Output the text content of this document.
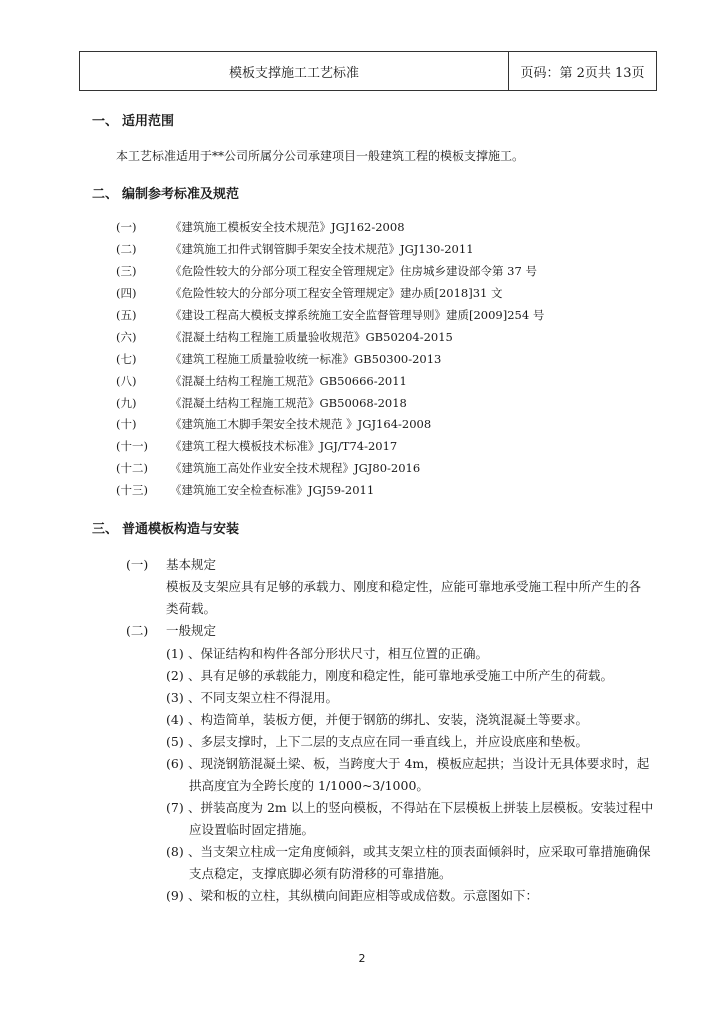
模板支撑施工工艺标准	页码：第 2页共 13页
一、 适用范围
本工艺标准适用于**公司所属分公司承建项目一般建筑工程的模板支撑施工。
二、 编制参考标准及规范
(一)	《建筑施工模板安全技术规范》JGJ162-2008
(二)	《建筑施工扣件式钢管脚手架安全技术规范》JGJ130-2011
(三)	《危险性较大的分部分项工程安全管理规定》住房城乡建设部令第 37 号
(四)	《危险性较大的分部分项工程安全管理规定》建办质[2018]31 文
(五)	《建设工程高大模板支撑系统施工安全监督管理导则》建质[2009]254 号
(六)	《混凝土结构工程施工质量验收规范》GB50204-2015
(七)	《建筑工程施工质量验收统一标准》GB50300-2013
(八)	《混凝土结构工程施工规范》GB50666-2011
(九)	《混凝土结构工程施工规范》GB50068-2018
(十)	《建筑施工木脚手架安全技术规范 》JGJ164-2008
(十一) 《建筑工程大模板技术标准》JGJ/T74-2017
(十二) 《建筑施工高处作业安全技术规程》JGJ80-2016
(十三) 《建筑施工安全检查标准》JGJ59-2011
三、 普通模板构造与安装
(一) 基本规定
模板及支架应具有足够的承载力、刚度和稳定性，应能可靠地承受施工程中所产生的各
类荷载。
(二) 一般规定
(1) 、保证结构和构件各部分形状尺寸，相互位置的正确。
(2) 、具有足够的承载能力，刚度和稳定性，能可靠地承受施工中所产生的荷载。
(3) 、不同支架立柱不得混用。
(4) 、构造简单，装板方便，并便于钢筋的绑扎、安装，浇筑混凝土等要求。
(5) 、多层支撑时，上下二层的支点应在同一垂直线上，并应设底座和垫板。
(6) 、现浇钢筋混凝土梁、板，当跨度大于 4m，模板应起拱；当设计无具体要求时，起
拱高度宜为全跨长度的 1/1000~3/1000。
(7) 、拼装高度为 2m 以上的竖向模板，不得站在下层模板上拼装上层模板。安装过程中
应设置临时固定措施。
(8) 、当支架立柱成一定角度倾斜，或其支架立柱的顶表面倾斜时，应采取可靠措施确保
支点稳定，支撑底脚必须有防滑移的可靠措施。
(9) 、梁和板的立柱，其纵横向间距应相等或成倍数。示意图如下：
2
